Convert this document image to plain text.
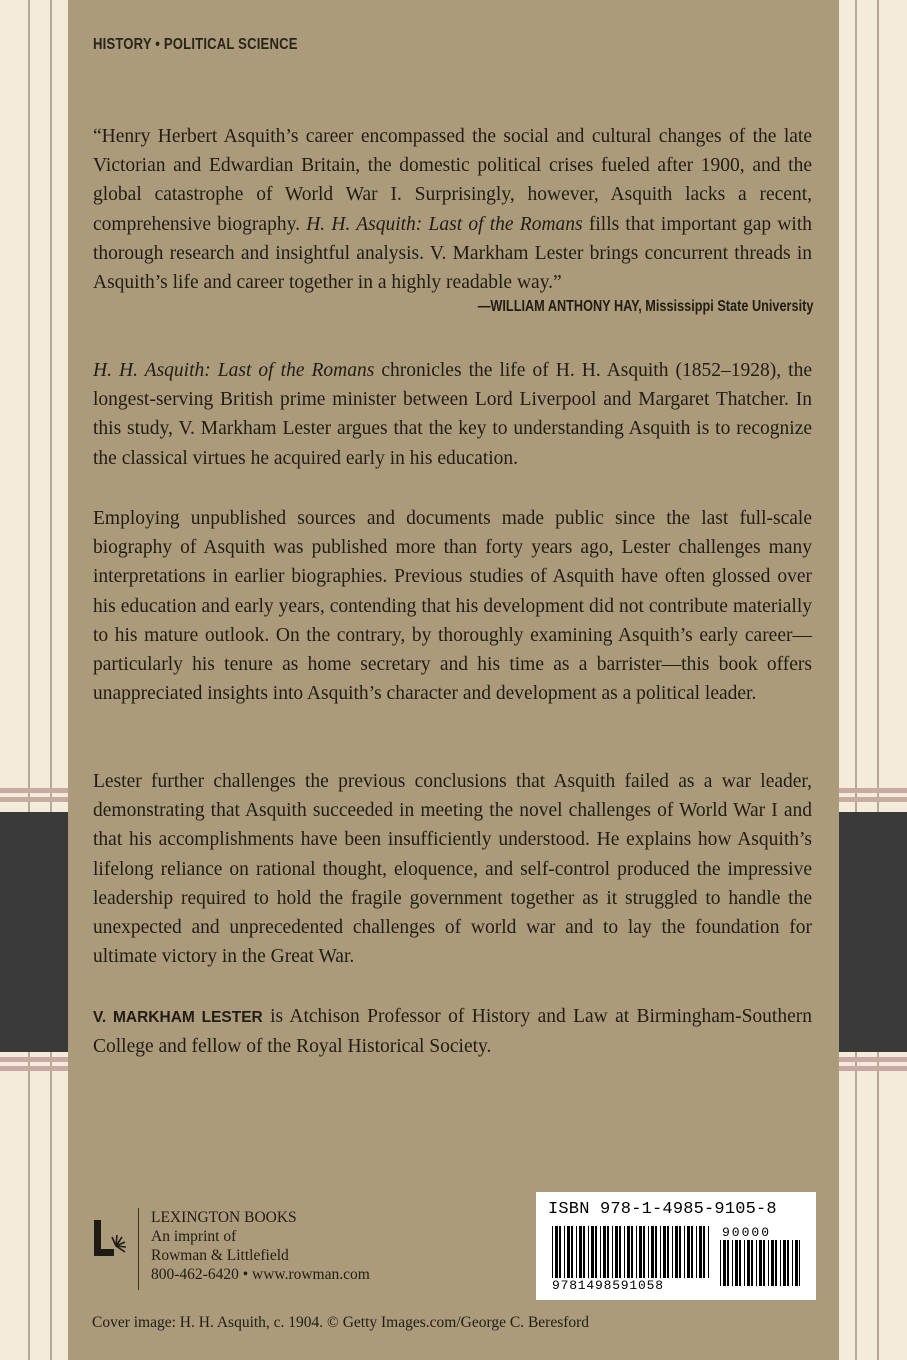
HISTORY • POLITICAL SCIENCE
“Henry Herbert Asquith’s career encompassed the social and cultural changes of the late Victorian and Edwardian Britain, the domestic political crises fueled after 1900, and the global catastrophe of World War I. Surprisingly, however, Asquith lacks a recent, comprehensive biography. H. H. Asquith: Last of the Romans fills that important gap with thorough research and insightful analysis. V. Markham Lester brings concurrent threads in Asquith’s life and career together in a highly readable way.”
—WILLIAM ANTHONY HAY, Mississippi State University
H. H. Asquith: Last of the Romans chronicles the life of H. H. Asquith (1852–1928), the longest-serving British prime minister between Lord Liverpool and Margaret Thatcher. In this study, V. Markham Lester argues that the key to understanding Asquith is to recognize the classical virtues he acquired early in his education.
Employing unpublished sources and documents made public since the last full-scale biography of Asquith was published more than forty years ago, Lester challenges many interpretations in earlier biographies. Previous studies of Asquith have often glossed over his education and early years, contending that his development did not contribute materially to his mature outlook. On the contrary, by thoroughly examining Asquith’s early career—particularly his tenure as home secretary and his time as a barrister—this book offers unappreciated insights into Asquith’s character and development as a political leader.
Lester further challenges the previous conclusions that Asquith failed as a war leader, demonstrating that Asquith succeeded in meeting the novel challenges of World War I and that his accomplishments have been insufficiently understood. He explains how Asquith’s lifelong reliance on rational thought, eloquence, and self-control produced the impressive leadership required to hold the fragile government together as it struggled to handle the unexpected and unprecedented challenges of world war and to lay the foundation for ultimate victory in the Great War.
V. MARKHAM LESTER is Atchison Professor of History and Law at Birmingham-Southern College and fellow of the Royal Historical Society.
LEXINGTON BOOKS
An imprint of
Rowman & Littlefield
800-462-6420 • www.rowman.com
ISBN 978-1-4985-9105-8
90000
9781498591058
Cover image: H. H. Asquith, c. 1904. © Getty Images.com/George C. Beresford
